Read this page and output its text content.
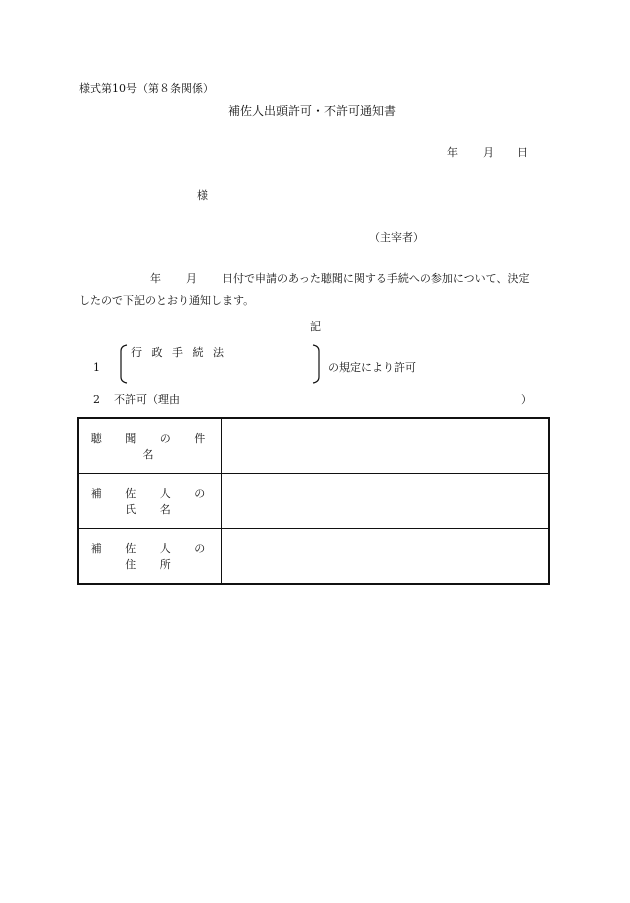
様式第10号（第８条関係）
補佐人出頭許可・不許可通知書
年 月 日
様
（主宰者）
年 月 日付で申請のあった聴聞に関する手続への参加について、決定
したので下記のとおり通知します。
記
1
行 政 手 続 法
の規定により許可
2 不許可（理由	）
聴 聞 の 件 名	
補 佐 人 の 氏 名	
補 佐 人 の 住 所	
